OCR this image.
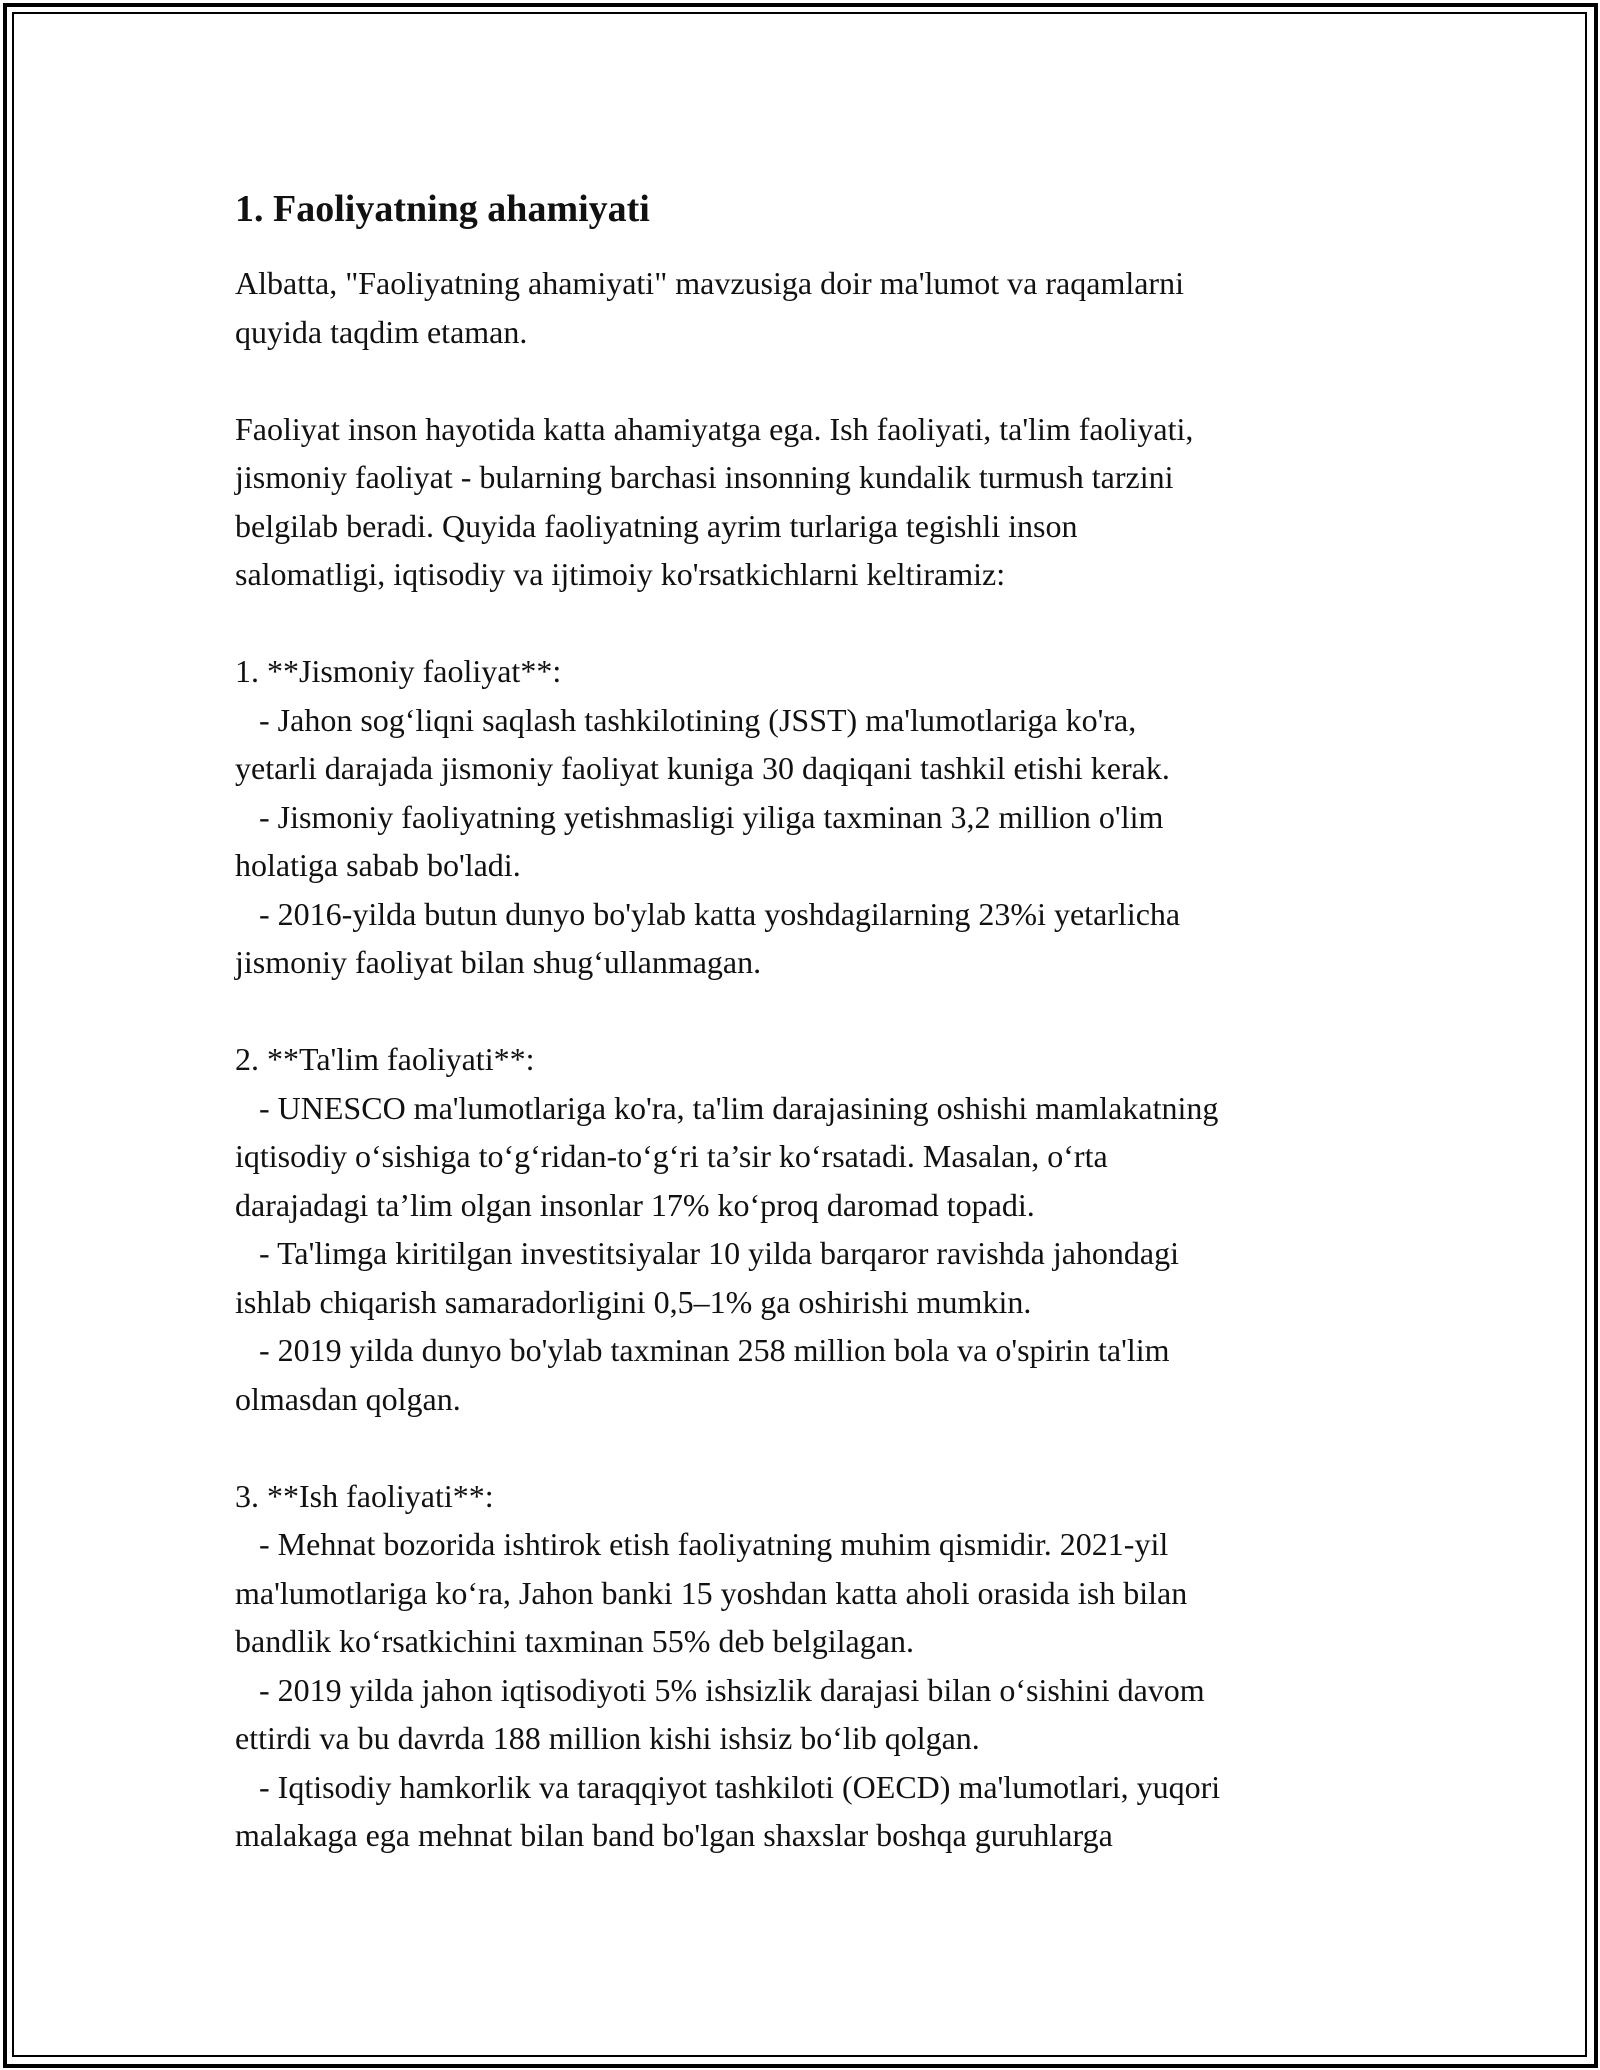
1. Faoliyatning ahamiyati
Albatta, "Faoliyatning ahamiyati" mavzusiga doir ma'lumot va raqamlarni
quyida taqdim etaman.
Faoliyat inson hayotida katta ahamiyatga ega. Ish faoliyati, ta'lim faoliyati,
jismoniy faoliyat - bularning barchasi insonning kundalik turmush tarzini
belgilab beradi. Quyida faoliyatning ayrim turlariga tegishli inson
salomatligi, iqtisodiy va ijtimoiy ko'rsatkichlarni keltiramiz:
1. **Jismoniy faoliyat**:
- Jahon sog‘liqni saqlash tashkilotining (JSST) ma'lumotlariga ko'ra,
yetarli darajada jismoniy faoliyat kuniga 30 daqiqani tashkil etishi kerak.
- Jismoniy faoliyatning yetishmasligi yiliga taxminan 3,2 million o'lim
holatiga sabab bo'ladi.
- 2016-yilda butun dunyo bo'ylab katta yoshdagilarning 23%i yetarlicha
jismoniy faoliyat bilan shug‘ullanmagan.
2. **Ta'lim faoliyati**:
- UNESCO ma'lumotlariga ko'ra, ta'lim darajasining oshishi mamlakatning
iqtisodiy o‘sishiga to‘g‘ridan-to‘g‘ri ta’sir ko‘rsatadi. Masalan, o‘rta
darajadagi ta’lim olgan insonlar 17% ko‘proq daromad topadi.
- Ta'limga kiritilgan investitsiyalar 10 yilda barqaror ravishda jahondagi
ishlab chiqarish samaradorligini 0,5–1% ga oshirishi mumkin.
- 2019 yilda dunyo bo'ylab taxminan 258 million bola va o'spirin ta'lim
olmasdan qolgan.
3. **Ish faoliyati**:
- Mehnat bozorida ishtirok etish faoliyatning muhim qismidir. 2021-yil
ma'lumotlariga ko‘ra, Jahon banki 15 yoshdan katta aholi orasida ish bilan
bandlik ko‘rsatkichini taxminan 55% deb belgilagan.
- 2019 yilda jahon iqtisodiyoti 5% ishsizlik darajasi bilan o‘sishini davom
ettirdi va bu davrda 188 million kishi ishsiz bo‘lib qolgan.
- Iqtisodiy hamkorlik va taraqqiyot tashkiloti (OECD) ma'lumotlari, yuqori
malakaga ega mehnat bilan band bo'lgan shaxslar boshqa guruhlarga
